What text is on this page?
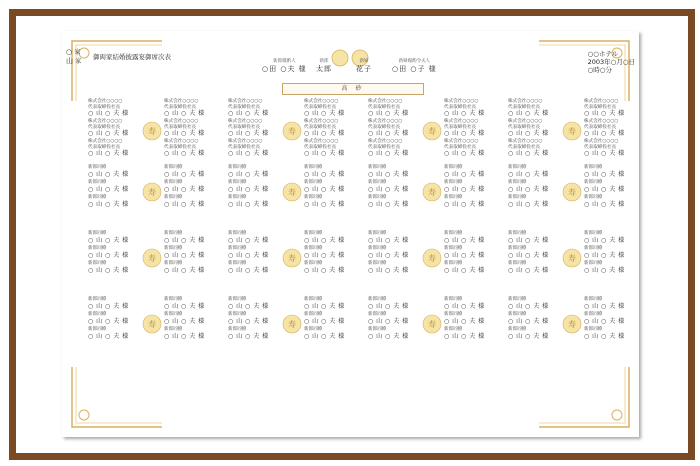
○ 家
山 家
御両家結婚披露宴御席次表	○○ホテル
2003年○月○日
○時○分
新郎媒酌人
○田 ○夫 様
新郎
太郎
新婦
花子
新婦媒酌令夫人
○田 ○子 様
高 砂
株式会社○○○○
代表取締役社長
○ 山 ○ 夫 様
株式会社○○○○
代表取締役社長
○ 山 ○ 夫 様
株式会社○○○○
代表取締役社長
○ 山 ○ 夫 様
株式会社○○○○
代表取締役社長
○ 山 ○ 夫 様
株式会社○○○○
代表取締役社長
○ 山 ○ 夫 様
株式会社○○○○
代表取締役社長
○ 山 ○ 夫 様
寿
株式会社○○○○
代表取締役社長
○ 山 ○ 夫 様
株式会社○○○○
代表取締役社長
○ 山 ○ 夫 様
株式会社○○○○
代表取締役社長
○ 山 ○ 夫 様
株式会社○○○○
代表取締役社長
○ 山 ○ 夫 様
株式会社○○○○
代表取締役社長
○ 山 ○ 夫 様
株式会社○○○○
代表取締役社長
○ 山 ○ 夫 様
寿
株式会社○○○○
代表取締役社長
○ 山 ○ 夫 様
株式会社○○○○
代表取締役社長
○ 山 ○ 夫 様
株式会社○○○○
代表取締役社長
○ 山 ○ 夫 様
株式会社○○○○
代表取締役社長
○ 山 ○ 夫 様
株式会社○○○○
代表取締役社長
○ 山 ○ 夫 様
株式会社○○○○
代表取締役社長
○ 山 ○ 夫 様
寿
株式会社○○○○
代表取締役社長
○ 山 ○ 夫 様
株式会社○○○○
代表取締役社長
○ 山 ○ 夫 様
株式会社○○○○
代表取締役社長
○ 山 ○ 夫 様
株式会社○○○○
代表取締役社長
○ 山 ○ 夫 様
株式会社○○○○
代表取締役社長
○ 山 ○ 夫 様
株式会社○○○○
代表取締役社長
○ 山 ○ 夫 様
寿
新郎同僚
○ 山 ○ 夫 様
新郎同僚
○ 山 ○ 夫 様
新郎同僚
○ 山 ○ 夫 様
新郎同僚
○ 山 ○ 夫 様
新郎同僚
○ 山 ○ 夫 様
新郎同僚
○ 山 ○ 夫 様
寿
新郎同僚
○ 山 ○ 夫 様
新郎同僚
○ 山 ○ 夫 様
新郎同僚
○ 山 ○ 夫 様
新郎同僚
○ 山 ○ 夫 様
新郎同僚
○ 山 ○ 夫 様
新郎同僚
○ 山 ○ 夫 様
寿
新郎同僚
○ 山 ○ 夫 様
新郎同僚
○ 山 ○ 夫 様
新郎同僚
○ 山 ○ 夫 様
新郎同僚
○ 山 ○ 夫 様
新郎同僚
○ 山 ○ 夫 様
新郎同僚
○ 山 ○ 夫 様
寿
新郎同僚
○ 山 ○ 夫 様
新郎同僚
○ 山 ○ 夫 様
新郎同僚
○ 山 ○ 夫 様
新郎同僚
○ 山 ○ 夫 様
新郎同僚
○ 山 ○ 夫 様
新郎同僚
○ 山 ○ 夫 様
寿
新郎同僚
○ 山 ○ 夫 様
新郎同僚
○ 山 ○ 夫 様
新郎同僚
○ 山 ○ 夫 様
新郎同僚
○ 山 ○ 夫 様
新郎同僚
○ 山 ○ 夫 様
新郎同僚
○ 山 ○ 夫 様
寿
新郎同僚
○ 山 ○ 夫 様
新郎同僚
○ 山 ○ 夫 様
新郎同僚
○ 山 ○ 夫 様
新郎同僚
○ 山 ○ 夫 様
新郎同僚
○ 山 ○ 夫 様
新郎同僚
○ 山 ○ 夫 様
寿
新郎同僚
○ 山 ○ 夫 様
新郎同僚
○ 山 ○ 夫 様
新郎同僚
○ 山 ○ 夫 様
新郎同僚
○ 山 ○ 夫 様
新郎同僚
○ 山 ○ 夫 様
新郎同僚
○ 山 ○ 夫 様
寿
新郎同僚
○ 山 ○ 夫 様
新郎同僚
○ 山 ○ 夫 様
新郎同僚
○ 山 ○ 夫 様
新郎同僚
○ 山 ○ 夫 様
新郎同僚
○ 山 ○ 夫 様
新郎同僚
○ 山 ○ 夫 様
寿
新郎同僚
○ 山 ○ 夫 様
新郎同僚
○ 山 ○ 夫 様
新郎同僚
○ 山 ○ 夫 様
新郎同僚
○ 山 ○ 夫 様
新郎同僚
○ 山 ○ 夫 様
新郎同僚
○ 山 ○ 夫 様
寿
新郎同僚
○ 山 ○ 夫 様
新郎同僚
○ 山 ○ 夫 様
新郎同僚
○ 山 ○ 夫 様
新郎同僚
○ 山 ○ 夫 様
新郎同僚
○ 山 ○ 夫 様
新郎同僚
○ 山 ○ 夫 様
寿
新郎同僚
○ 山 ○ 夫 様
新郎同僚
○ 山 ○ 夫 様
新郎同僚
○ 山 ○ 夫 様
新郎同僚
○ 山 ○ 夫 様
新郎同僚
○ 山 ○ 夫 様
新郎同僚
○ 山 ○ 夫 様
寿
新郎同僚
○ 山 ○ 夫 様
新郎同僚
○ 山 ○ 夫 様
新郎同僚
○ 山 ○ 夫 様
新郎同僚
○ 山 ○ 夫 様
新郎同僚
○ 山 ○ 夫 様
新郎同僚
○ 山 ○ 夫 様
寿
